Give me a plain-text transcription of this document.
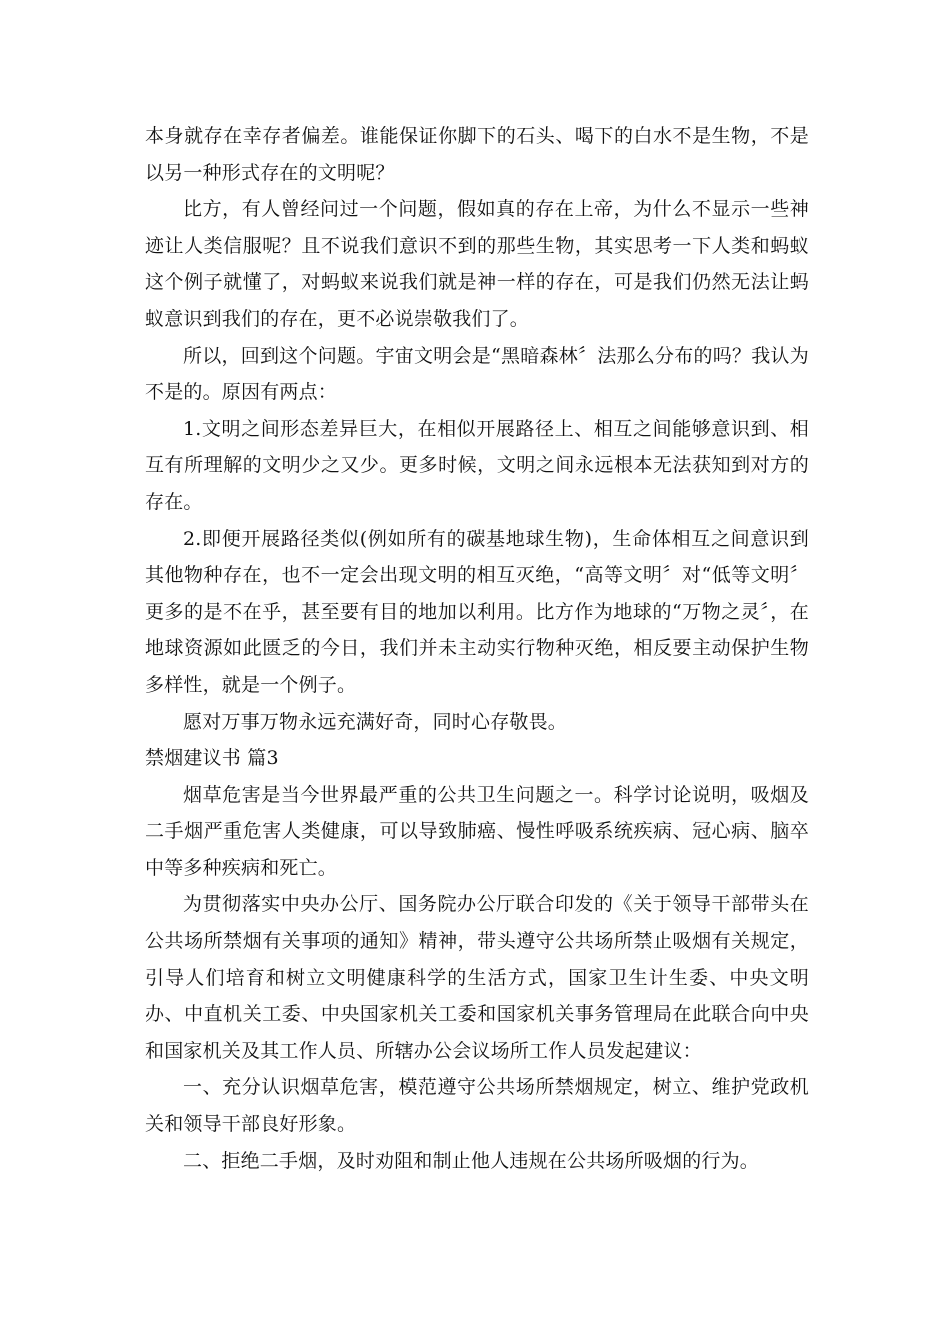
本身就存在幸存者偏差。谁能保证你脚下的石头、喝下的白水不是生物，不是以另一种形式存在的文明呢？

比方，有人曾经问过一个问题，假如真的存在上帝，为什么不显示一些神迹让人类信服呢？且不说我们意识不到的那些生物，其实思考一下人类和蚂蚁这个例子就懂了，对蚂蚁来说我们就是神一样的存在，可是我们仍然无法让蚂蚁意识到我们的存在，更不必说崇敬我们了。

所以，回到这个问题。宇宙文明会是“黑暗森林〞法那么分布的吗？我认为不是的。原因有两点：

1.文明之间形态差异巨大，在相似开展路径上、相互之间能够意识到、相互有所理解的文明少之又少。更多时候，文明之间永远根本无法获知到对方的存在。

2.即便开展路径类似(例如所有的碳基地球生物)，生命体相互之间意识到其他物种存在，也不一定会出现文明的相互灭绝，“高等文明〞对“低等文明〞更多的是不在乎，甚至要有目的地加以利用。比方作为地球的“万物之灵〞，在地球资源如此匮乏的今日，我们并未主动实行物种灭绝，相反要主动保护生物多样性，就是一个例子。

愿对万事万物永远充满好奇，同时心存敬畏。

禁烟建议书 篇3

烟草危害是当今世界最严重的公共卫生问题之一。科学讨论说明，吸烟及二手烟严重危害人类健康，可以导致肺癌、慢性呼吸系统疾病、冠心病、脑卒中等多种疾病和死亡。

为贯彻落实中央办公厅、国务院办公厅联合印发的《关于领导干部带头在公共场所禁烟有关事项的通知》精神，带头遵守公共场所禁止吸烟有关规定，引导人们培育和树立文明健康科学的生活方式，国家卫生计生委、中央文明办、中直机关工委、中央国家机关工委和国家机关事务管理局在此联合向中央和国家机关及其工作人员、所辖办公会议场所工作人员发起建议：

一、充分认识烟草危害，模范遵守公共场所禁烟规定，树立、维护党政机关和领导干部良好形象。

二、拒绝二手烟，及时劝阻和制止他人违规在公共场所吸烟的行为。
